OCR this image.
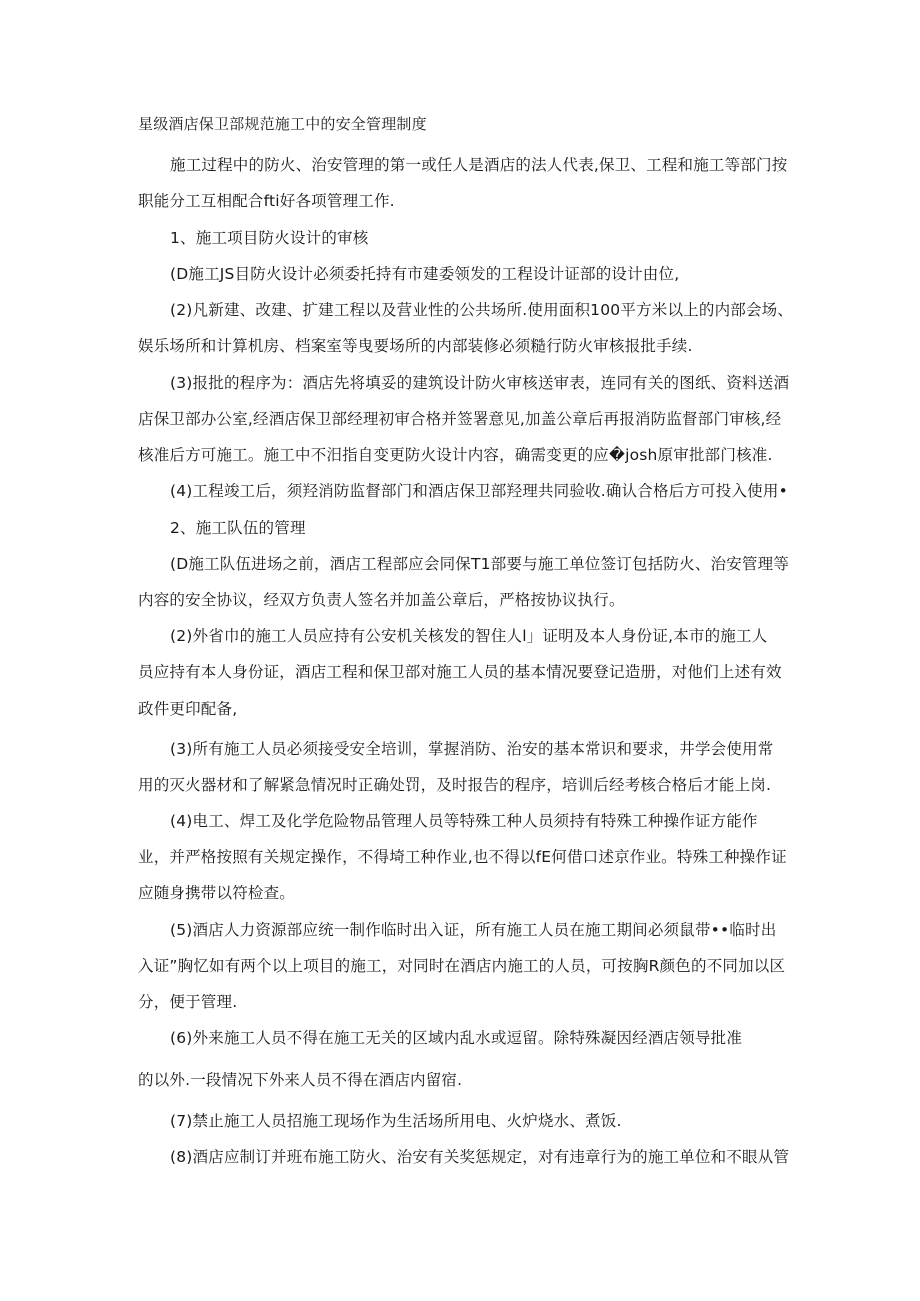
星级酒店保卫部规范施工中的安全管理制度
施工过程中的防火、治安管理的第一或任人是酒店的法人代表,保卫、工程和施工等部门按
职能分工互相配合fti好各项管理工作.
1、施工项目防火设计的审核
(D施工JS目防火设计必须委托持有市建委领发的工程设计证部的设计由位,
(2)凡新建、改建、扩建工程以及营业性的公共场所.使用面积100平方米以上的内部会场、
娱乐场所和计算机房、档案室等曳要场所的内部装修必须糙行防火审核报批手续.
(3)报批的程序为：酒店先将填妥的建筑设计防火审核送审表，连同有关的图纸、资料送酒
店保卫部办公室,经酒店保卫部经理初审合格并签署意见,加盖公章后再报消防监督部门审核,经
核准后方可施工。施工中不汨指自变更防火设计内容，确需变更的应�josh原审批部门核准.
(4)工程竣工后，须羟消防监督部门和酒店保卫部羟理共同验收.确认合格后方可投入使用•
2、施工队伍的管理
(D施工队伍进场之前，酒店工程部应会同保T1部要与施工单位签订包括防火、治安管理等
内容的安全协议，经双方负责人签名并加盖公章后，严格按协议执行。
(2)外省巾的施工人员应持有公安机关核发的智住人l」证明及本人身份证,本市的施工人
员应持有本人身份证，酒店工程和保卫部对施工人员的基本情况要登记造册，对他们上述有效
政件更印配备,
(3)所有施工人员必须接受安全培训，掌握消防、治安的基本常识和要求，井学会使用常
用的灭火器材和了解紧急情况时正确处罚，及时报告的程序，培训后经考核合格后才能上岗.
(4)电工、焊工及化学危险物品管理人员等特殊工种人员须持有特殊工种操作证方能作
业，并严格按照有关规定操作，不得埼工种作业,也不得以fE何借口述京作业。特殊工种操作证
应随身携带以符检查。
(5)酒店人力资源部应统一制作临时出入证，所有施工人员在施工期间必须鼠带••临时出
入证”胸忆如有两个以上项目的施工，对同时在酒店内施工的人员，可按胸R颜色的不同加以区
分，便于管理.
(6)外来施工人员不得在施工无关的区域内乱水或逗留。除特殊凝因经酒店领导批准
的以外.一段情况下外来人员不得在酒店内留宿.
(7)禁止施工人员招施工现场作为生活场所用电、火炉烧水、煮饭.
(8)酒店应制订并班布施工防火、治安有关奖惩规定，对有违章行为的施工单位和不眼从管
